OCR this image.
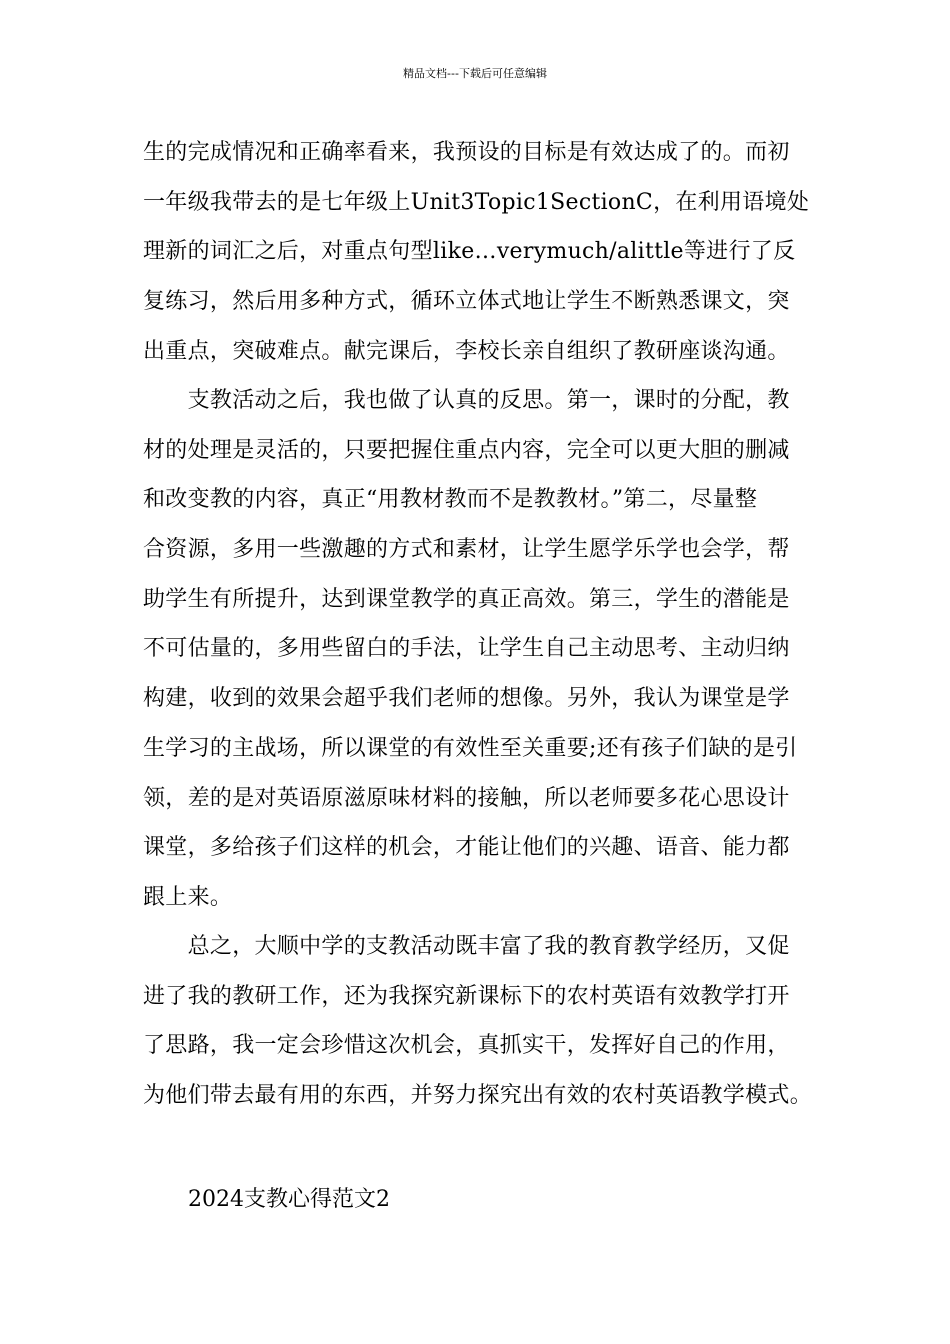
精品文档---下载后可任意编辑
生的完成情况和正确率看来，我预设的目标是有效达成了的。而初
一年级我带去的是七年级上Unit3Topic1SectionC，在利用语境处
理新的词汇之后，对重点句型like…verymuch/alittle等进行了反
复练习，然后用多种方式，循环立体式地让学生不断熟悉课文，突
出重点，突破难点。献完课后，李校长亲自组织了教研座谈沟通。
　　支教活动之后，我也做了认真的反思。第一，课时的分配，教
材的处理是灵活的，只要把握住重点内容，完全可以更大胆的删减
和改变教的内容，真正“用教材教而不是教教材。”第二，尽量整
合资源，多用一些激趣的方式和素材，让学生愿学乐学也会学，帮
助学生有所提升，达到课堂教学的真正高效。第三，学生的潜能是
不可估量的，多用些留白的手法，让学生自己主动思考、主动归纳
构建，收到的效果会超乎我们老师的想像。另外，我认为课堂是学
生学习的主战场，所以课堂的有效性至关重要;还有孩子们缺的是引
领，差的是对英语原滋原味材料的接触，所以老师要多花心思设计
课堂，多给孩子们这样的机会，才能让他们的兴趣、语音、能力都
跟上来。
　　总之，大顺中学的支教活动既丰富了我的教育教学经历，又促
进了我的教研工作，还为我探究新课标下的农村英语有效教学打开
了思路，我一定会珍惜这次机会，真抓实干，发挥好自己的作用，
为他们带去最有用的东西，并努力探究出有效的农村英语教学模式。
2024支教心得范文2
